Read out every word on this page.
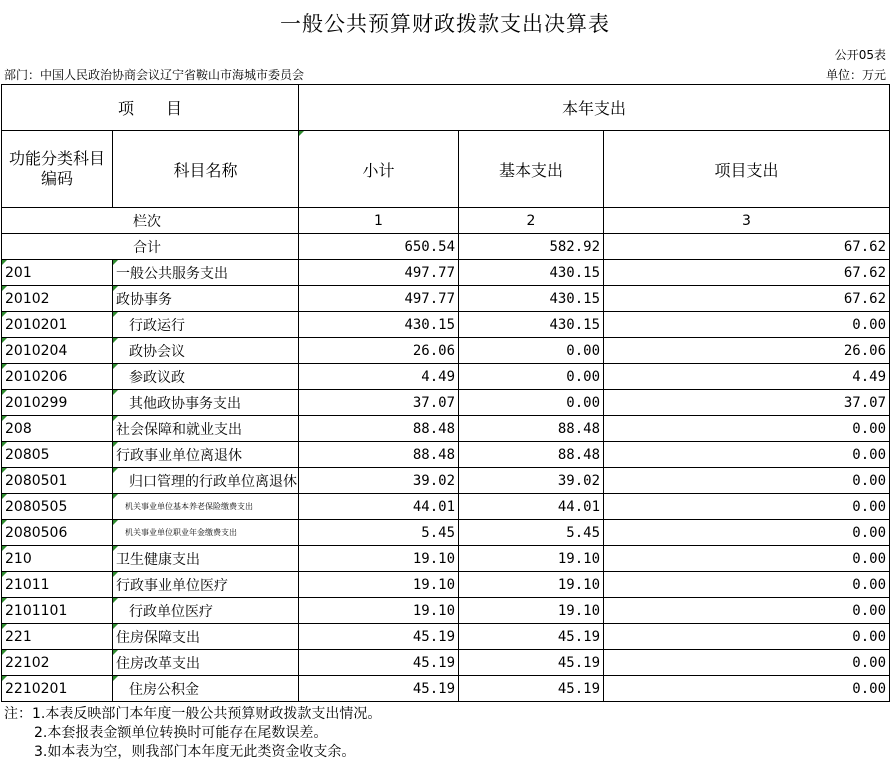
一般公共预算财政拨款支出决算表
公开05表
部门：中国人民政治协商会议辽宁省鞍山市海城市委员会	单位：万元
项　　目		本年支出		
功能分类科目编码	科目名称	小计	基本支出	项目支出
	栏次	1	2	3
	合计	650.54	582.92	67.62
201	一般公共服务支出	497.77	430.15	67.62
20102	政协事务	497.77	430.15	67.62
2010201	行政运行	430.15	430.15	0.00
2010204	政协会议	26.06	0.00	26.06
2010206	参政议政	4.49	0.00	4.49
2010299	其他政协事务支出	37.07	0.00	37.07
208	社会保障和就业支出	88.48	88.48	0.00
20805	行政事业单位离退休	88.48	88.48	0.00
2080501	归口管理的行政单位离退休	39.02	39.02	0.00
2080505	机关事业单位基本养老保险缴费支出	44.01	44.01	0.00
2080506	机关事业单位职业年金缴费支出	5.45	5.45	0.00
210	卫生健康支出	19.10	19.10	0.00
21011	行政事业单位医疗	19.10	19.10	0.00
2101101	行政单位医疗	19.10	19.10	0.00
221	住房保障支出	45.19	45.19	0.00
22102	住房改革支出	45.19	45.19	0.00
2210201	住房公积金	45.19	45.19	0.00
注：1.本表反映部门本年度一般公共预算财政拨款支出情况。
2.本套报表金额单位转换时可能存在尾数误差。
3.如本表为空，则我部门本年度无此类资金收支余。
